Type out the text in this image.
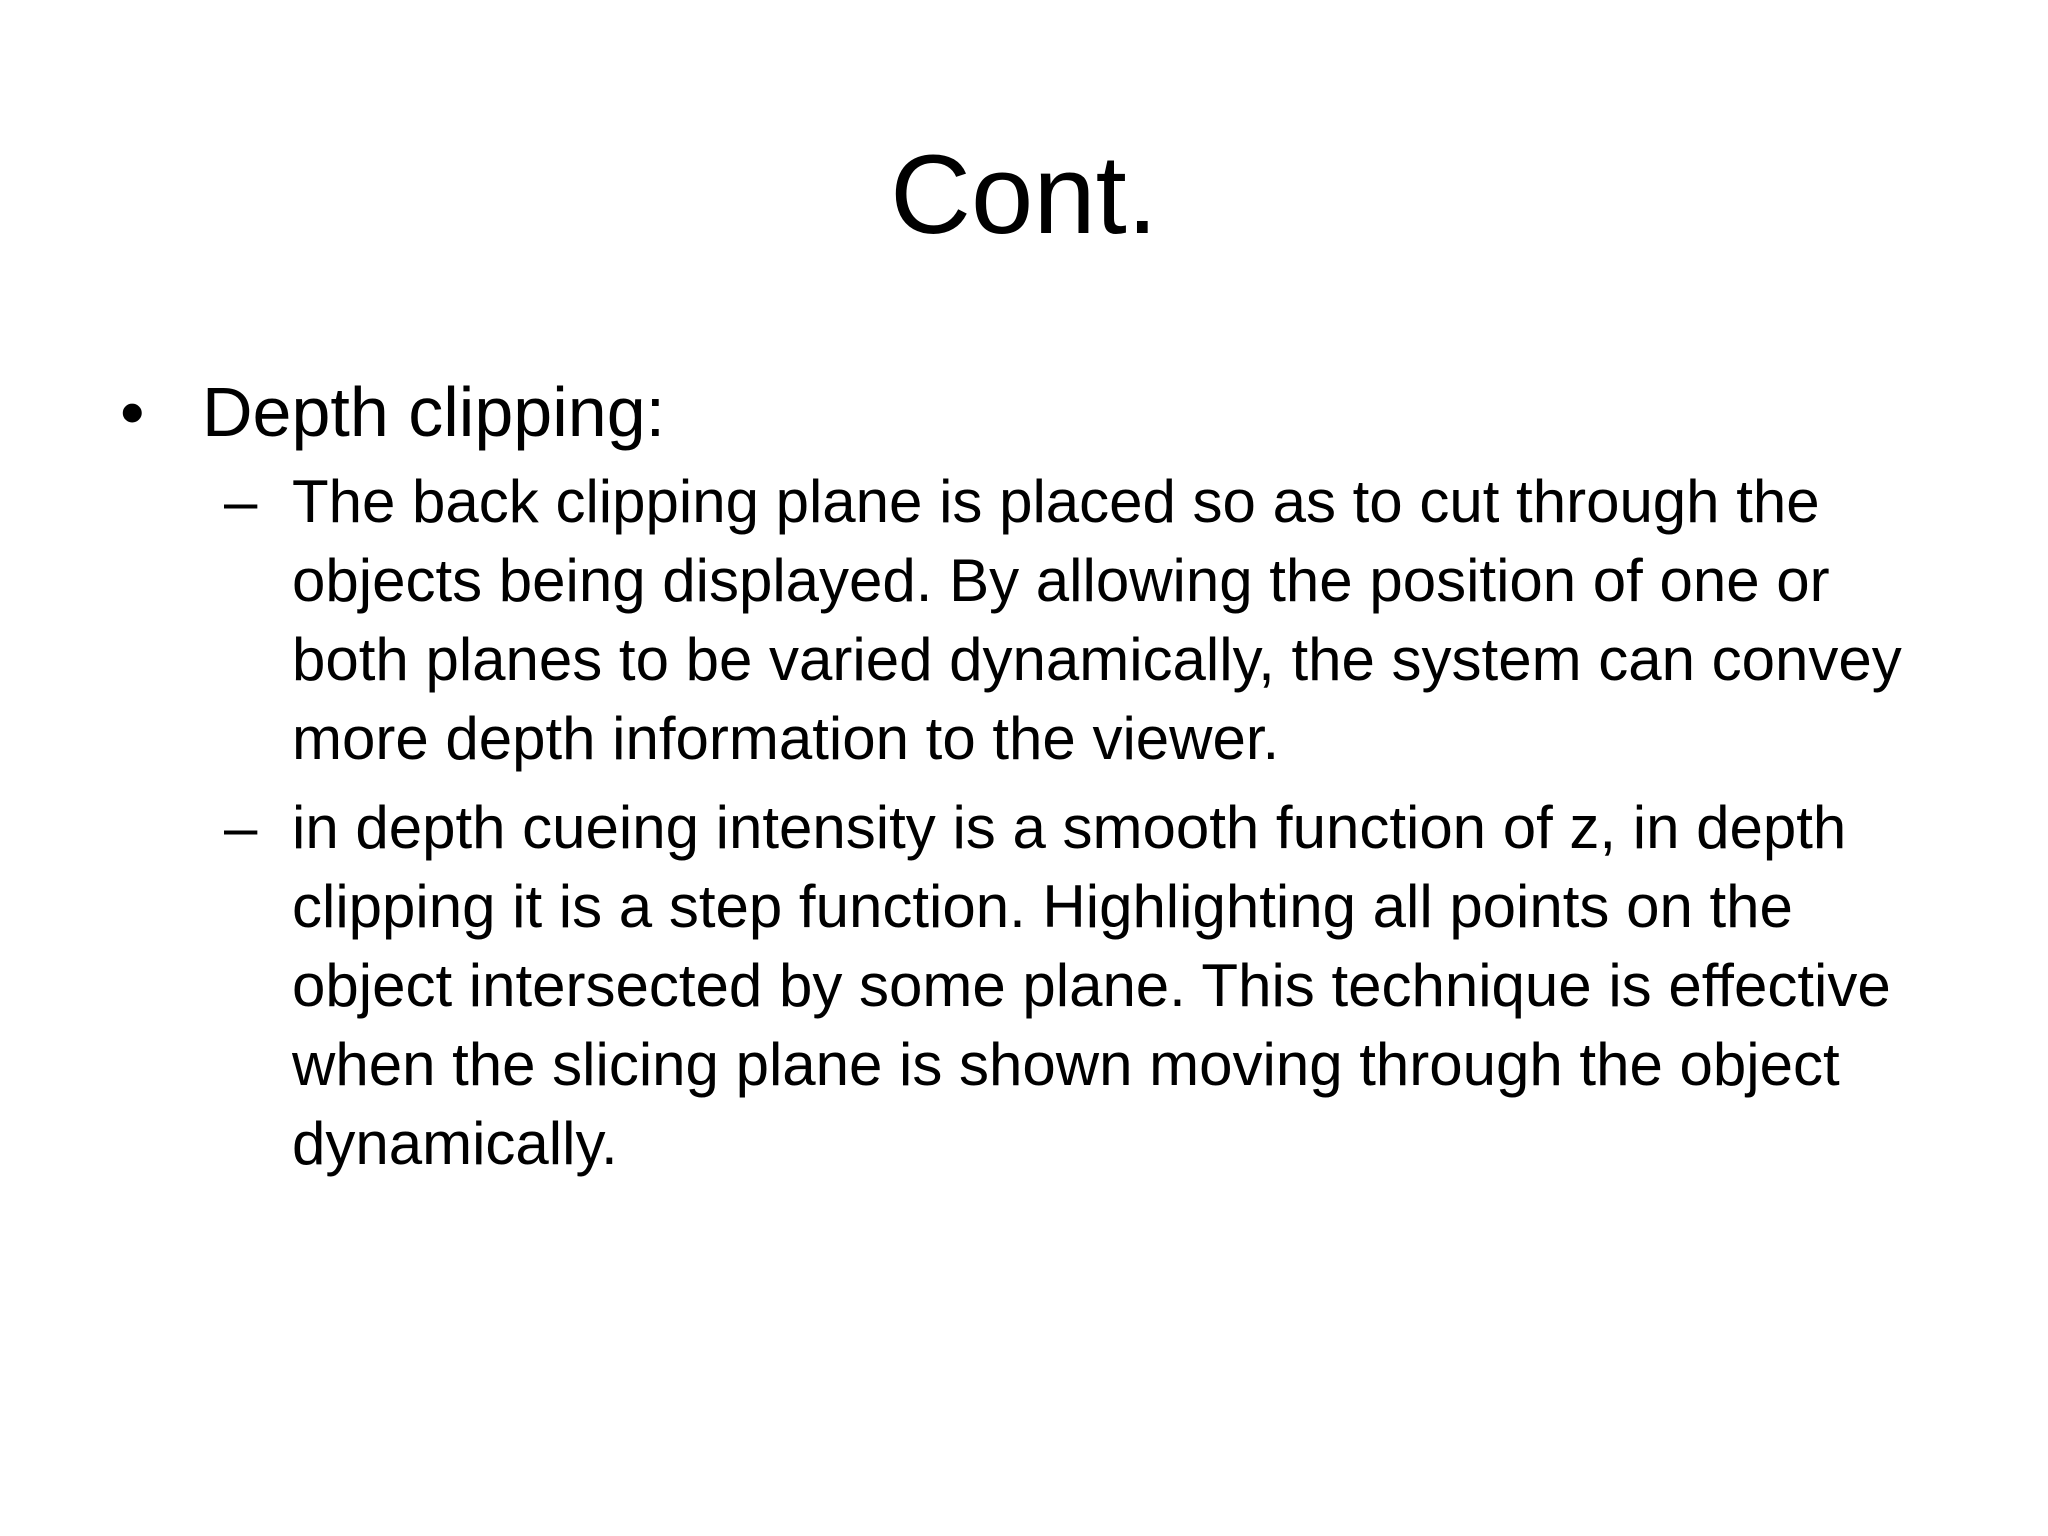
Cont.
• Depth clipping:
– The back clipping plane is placed so as to cut through the objects being displayed. By allowing the position of one or both planes to be varied dynamically, the system can convey more depth information to the viewer.
– in depth cueing intensity is a smooth function of z, in depth clipping it is a step function. Highlighting all points on the object intersected by some plane. This technique is effective when the slicing plane is shown moving through the object dynamically.
